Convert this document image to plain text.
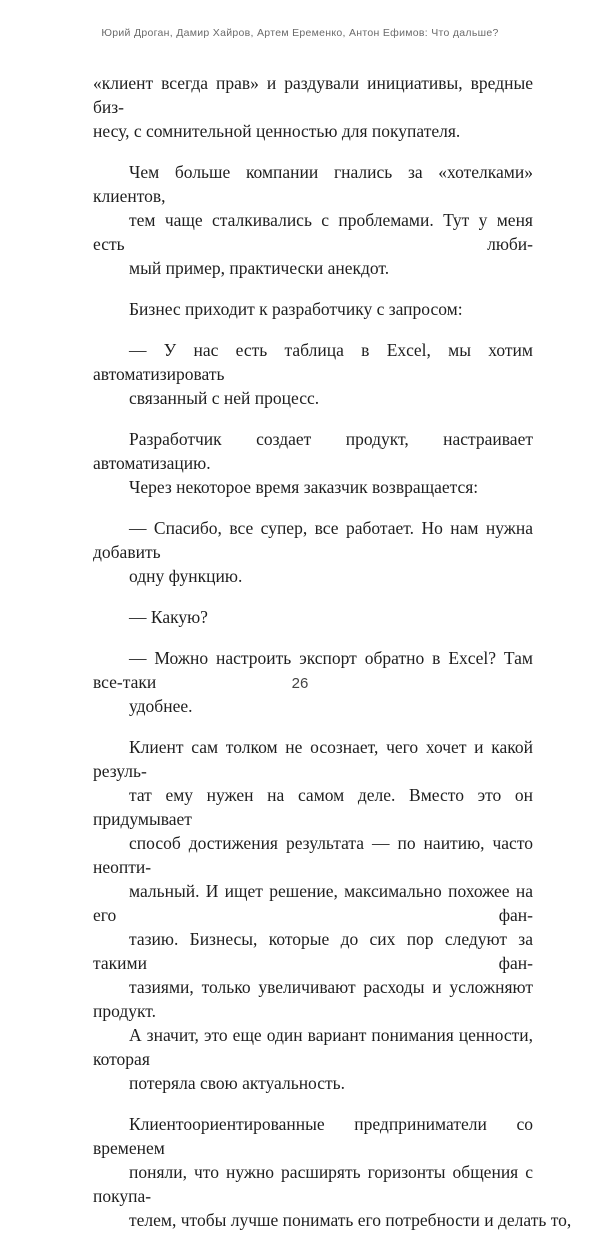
Юрий Дроган, Дамир Хайров, Артем Еременко, Антон Ефимов: Что дальше?

«клиент всегда прав» и раздували инициативы, вредные биз-
несу, с сомнительной ценностью для покупателя.

Чем больше компании гнались за «хотелками» клиентов,
тем чаще сталкивались с проблемами. Тут у меня есть люби-
мый пример, практически анекдот.

Бизнес приходит к разработчику с запросом:

— У нас есть таблица в Excel, мы хотим автоматизировать
связанный с ней процесс.

Разработчик создает продукт, настраивает автоматизацию.
Через некоторое время заказчик возвращается:

— Спасибо, все супер, все работает. Но нам нужна добавить
одну функцию.

— Какую?

— Можно настроить экспорт обратно в Excel? Там все-таки
удобнее.

Клиент сам толком не осознает, чего хочет и какой резуль-
тат ему нужен на самом деле. Вместо это он придумывает
способ достижения результата — по наитию, часто неопти-
мальный. И ищет решение, максимально похожее на его фан-
тазию. Бизнесы, которые до сих пор следуют за такими фан-
тазиями, только увеличивают расходы и усложняют продукт.
А значит, это еще один вариант понимания ценности, которая
потеряла свою актуальность.

Клиентоориентированные предприниматели со временем
поняли, что нужно расширять горизонты общения с покупа-
телем, чтобы лучше понимать его потребности и делать то,

26
